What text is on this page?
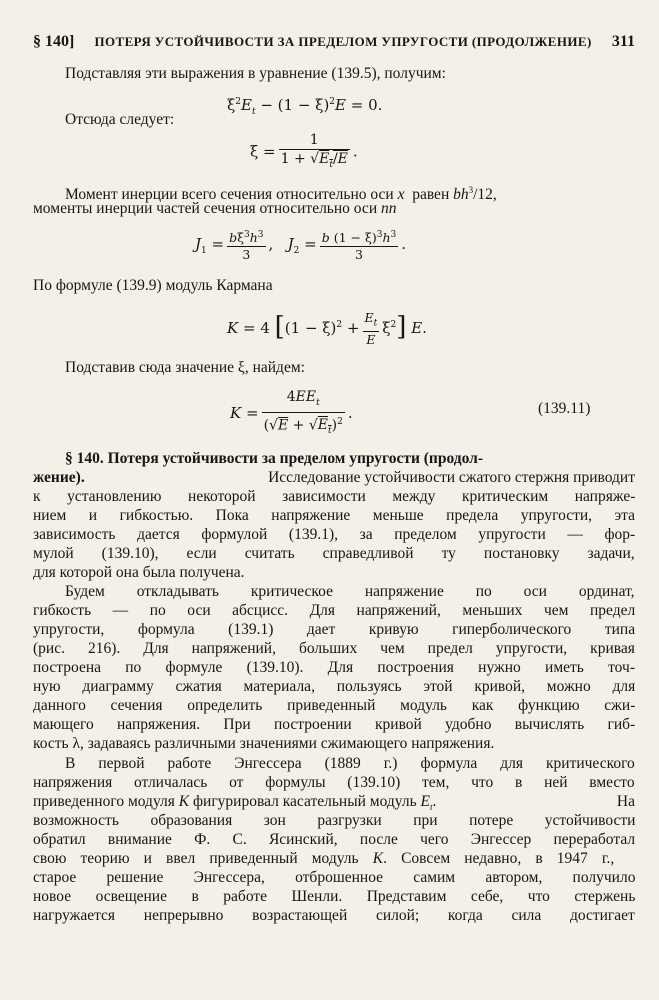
§ 140] ПОТЕРЯ УСТОЙЧИВОСТИ ЗА ПРЕДЕЛОМ УПРУГОСТИ (ПРОДОЛЖЕНИЕ) 311
Подставляя эти выражения в уравнение (139.5), получим:
$\xi^2E_t - (1 - \xi)^2E = 0$.
Отсюда следует:
$\xi = \frac{1}{1 + √E_t/E}$ .
Момент инерции всего сечения относительно оси x равен $bh^3/12$,
моменты инерции частей сечения относительно оси nn
$J_1 = \frac{b\xi^3h^3}{3}$ ,   $J_2 = \frac{b (1 - \xi)^3h^3}{3}$ .
По формуле (139.9) модуль Кармана
K = 4 $[(1 - \xi)^2 + \frac{E_t}{E} \xi^2]$ E.
Подставив сюда значение ξ, найдем:
$K = \frac{4EE_t}{(√E + √E_t)^2}$ .	(139.11)
§ 140. Потеря устойчивости за пределом упругости (продол-
жение).	Исследование устойчивости сжатого стержня приводит
к установлению некоторой зависимости между критическим напряже-
нием и гибкостью. Пока напряжение меньше предела упругости, эта
зависимость дается формулой (139.1), за пределом упругости — фор-
мулой (139.10), если считать справедливой ту постановку задачи,
для которой она была получена.
Будем откладывать критическое напряжение по оси ординат,
гибкость — по оси абсцисс. Для напряжений, меньших чем предел
упругости, формула (139.1) дает кривую гиперболического типа
(рис. 216). Для напряжений, больших чем предел упругости, кривая
построена по формуле (139.10). Для построения нужно иметь точ-
ную диаграмму сжатия материала, пользуясь этой кривой, можно для
данного сечения определить приведенный модуль как функцию сжи-
мающего напряжения. При построении кривой удобно вычислять гиб-
кость λ, задаваясь различными значениями сжимающего напряжения.
В первой работе Энгессера (1889 г.) формула для критического
напряжения отличалась от формулы (139.10) тем, что в ней вместо
приведенного модуля K фигурировал касательный модуль $E_t$.	На
возможность образования зон разгрузки при потере устойчивости
обратил внимание Ф. С. Ясинский, после чего Энгессер переработал
свою теорию и ввел приведенный модуль K. Совсем недавно, в 1947 г.,
старое решение Энгессера, отброшенное самим автором, получило
новое освещение в работе Шенли. Представим себе, что стержень
нагружается непрерывно возрастающей силой; когда сила достигает
